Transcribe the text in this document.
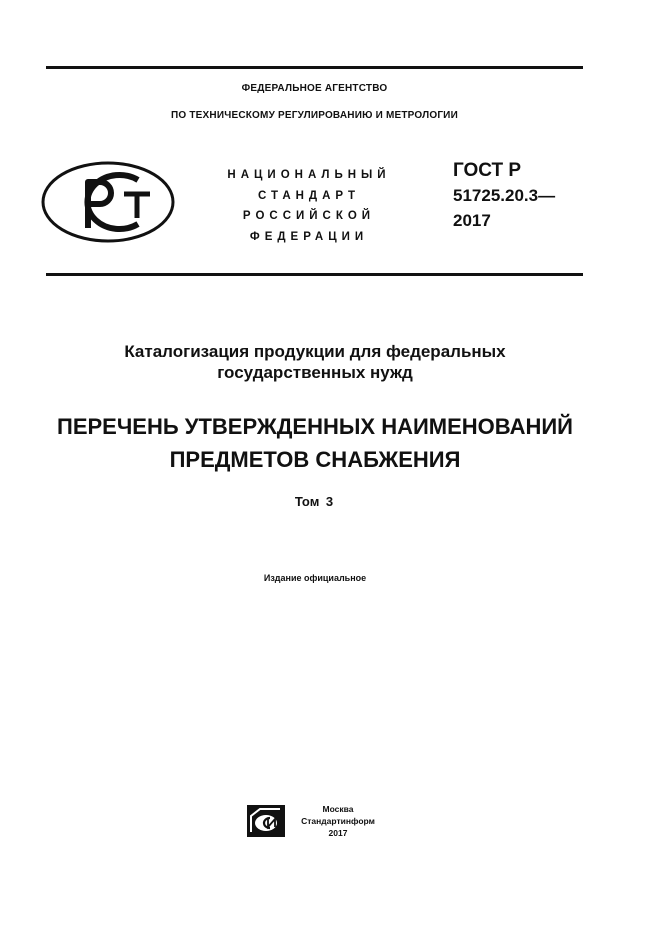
ФЕДЕРАЛЬНОЕ АГЕНТСТВО
ПО ТЕХНИЧЕСКОМУ РЕГУЛИРОВАНИЮ И МЕТРОЛОГИИ
НАЦИОНАЛЬНЫЙ
СТАНДАРТ
РОССИЙСКОЙ
ФЕДЕРАЦИИ
ГОСТ Р
51725.20.3—
2017
Каталогизация продукции для федеральных
государственных нужд
ПЕРЕЧЕНЬ УТВЕРЖДЕННЫХ НАИМЕНОВАНИЙ
ПРЕДМЕТОВ СНАБЖЕНИЯ
Том 3
Издание официальное
Москва
Стандартинформ
2017
